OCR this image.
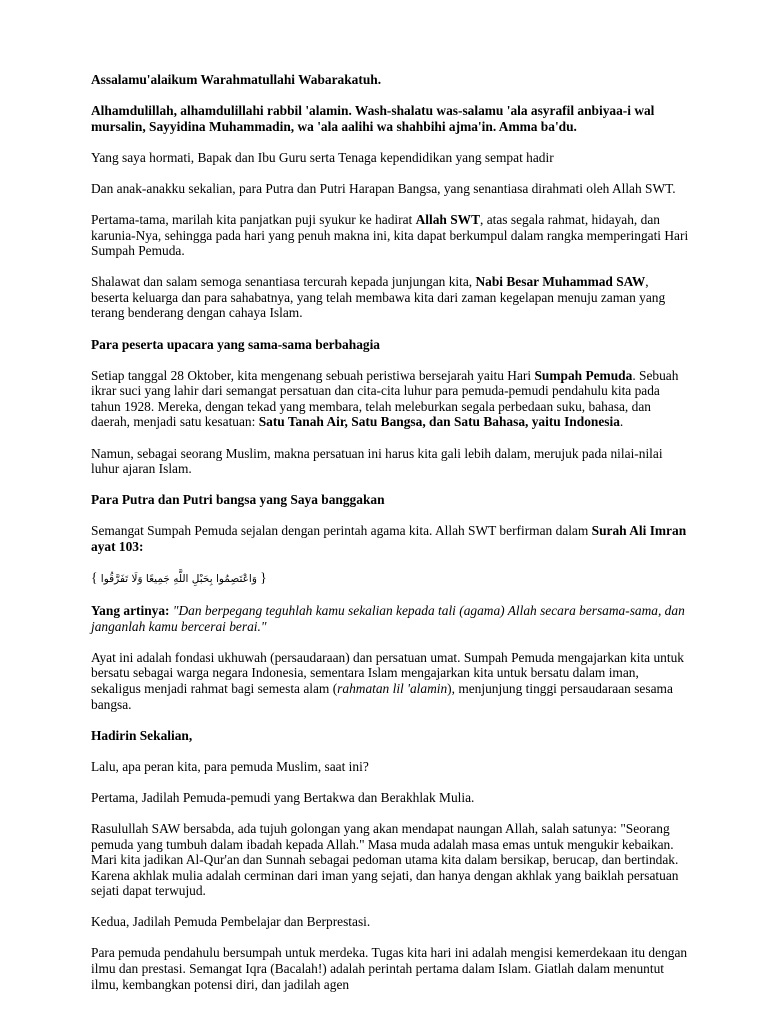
Assalamu'alaikum Warahmatullahi Wabarakatuh.

Alhamdulillah, alhamdulillahi rabbil 'alamin. Wash-shalatu was-salamu 'ala asyrafil anbiyaa-i wal mursalin, Sayyidina Muhammadin, wa 'ala aalihi wa shahbihi ajma'in. Amma ba'du.

Yang saya hormati, Bapak dan Ibu Guru serta Tenaga kependidikan yang sempat hadir

Dan anak-anakku sekalian, para Putra dan Putri Harapan Bangsa, yang senantiasa dirahmati oleh Allah SWT.

Pertama-tama, marilah kita panjatkan puji syukur ke hadirat Allah SWT, atas segala rahmat, hidayah, dan karunia-Nya, sehingga pada hari yang penuh makna ini, kita dapat berkumpul dalam rangka memperingati Hari Sumpah Pemuda.

Shalawat dan salam semoga senantiasa tercurah kepada junjungan kita, Nabi Besar Muhammad SAW, beserta keluarga dan para sahabatnya, yang telah membawa kita dari zaman kegelapan menuju zaman yang terang benderang dengan cahaya Islam.

Para peserta upacara yang sama-sama berbahagia

Setiap tanggal 28 Oktober, kita mengenang sebuah peristiwa bersejarah yaitu Hari Sumpah Pemuda. Sebuah ikrar suci yang lahir dari semangat persatuan dan cita-cita luhur para pemuda-pemudi pendahulu kita pada tahun 1928. Mereka, dengan tekad yang membara, telah meleburkan segala perbedaan suku, bahasa, dan daerah, menjadi satu kesatuan: Satu Tanah Air, Satu Bangsa, dan Satu Bahasa, yaitu Indonesia.

Namun, sebagai seorang Muslim, makna persatuan ini harus kita gali lebih dalam, merujuk pada nilai-nilai luhur ajaran Islam.

Para Putra dan Putri bangsa yang Saya banggakan

Semangat Sumpah Pemuda sejalan dengan perintah agama kita. Allah SWT berfirman dalam Surah Ali Imran ayat 103:

{ وَاعْتَصِمُوا بِحَبْلِ اللَّهِ جَمِيعًا وَلَا تَفَرَّقُوا }

Yang artinya: "Dan berpegang teguhlah kamu sekalian kepada tali (agama) Allah secara bersama-sama, dan janganlah kamu bercerai berai."

Ayat ini adalah fondasi ukhuwah (persaudaraan) dan persatuan umat. Sumpah Pemuda mengajarkan kita untuk bersatu sebagai warga negara Indonesia, sementara Islam mengajarkan kita untuk bersatu dalam iman, sekaligus menjadi rahmat bagi semesta alam (rahmatan lil 'alamin), menjunjung tinggi persaudaraan sesama bangsa.

Hadirin Sekalian,

Lalu, apa peran kita, para pemuda Muslim, saat ini?

Pertama, Jadilah Pemuda-pemudi yang Bertakwa dan Berakhlak Mulia.

Rasulullah SAW bersabda, ada tujuh golongan yang akan mendapat naungan Allah, salah satunya: "Seorang pemuda yang tumbuh dalam ibadah kepada Allah." Masa muda adalah masa emas untuk mengukir kebaikan. Mari kita jadikan Al-Qur'an dan Sunnah sebagai pedoman utama kita dalam bersikap, berucap, dan bertindak. Karena akhlak mulia adalah cerminan dari iman yang sejati, dan hanya dengan akhlak yang baiklah persatuan sejati dapat terwujud.

Kedua, Jadilah Pemuda Pembelajar dan Berprestasi.

Para pemuda pendahulu bersumpah untuk merdeka. Tugas kita hari ini adalah mengisi kemerdekaan itu dengan ilmu dan prestasi. Semangat Iqra (Bacalah!) adalah perintah pertama dalam Islam. Giatlah dalam menuntut ilmu, kembangkan potensi diri, dan jadilah agen
